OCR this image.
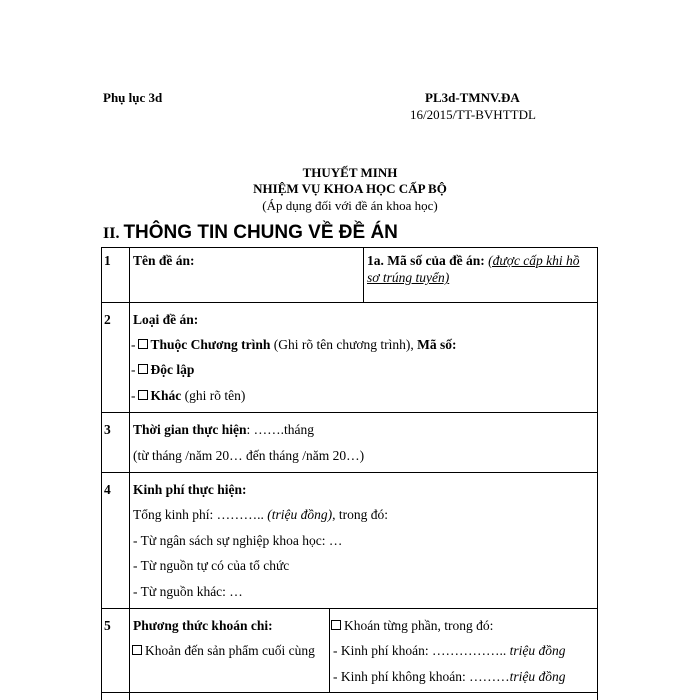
Phụ lục 3d	PL3d-TMNV.ĐA
16/2015/TT-BVHTTDL
THUYẾT MINH
NHIỆM VỤ KHOA HỌC CẤP BỘ
(Áp dụng đối với đề án khoa học)
II. THÔNG TIN CHUNG VỀ ĐỀ ÁN
1 Tên đề án:	1a. Mã số của đề án: (được cấp khi hồ
sơ trúng tuyển)
2 Loại đề án:
- Thuộc Chương trình (Ghi rõ tên chương trình), Mã số:
- Độc lập
- Khác (ghi rõ tên)
3 Thời gian thực hiện: …….tháng
(từ tháng /năm 20… đến tháng /năm 20…)
4 Kinh phí thực hiện:
Tổng kinh phí: ……….. (triệu đồng), trong đó:
- Từ ngân sách sự nghiệp khoa học: …
- Từ nguồn tự có của tổ chức
- Từ nguồn khác: …
5 Phương thức khoán chi:
Khoản đến sản phẩm cuối cùng
Khoán từng phần, trong đó:
- Kinh phí khoán: …………….. triệu đồng
- Kinh phí không khoán: ………triệu đồng
